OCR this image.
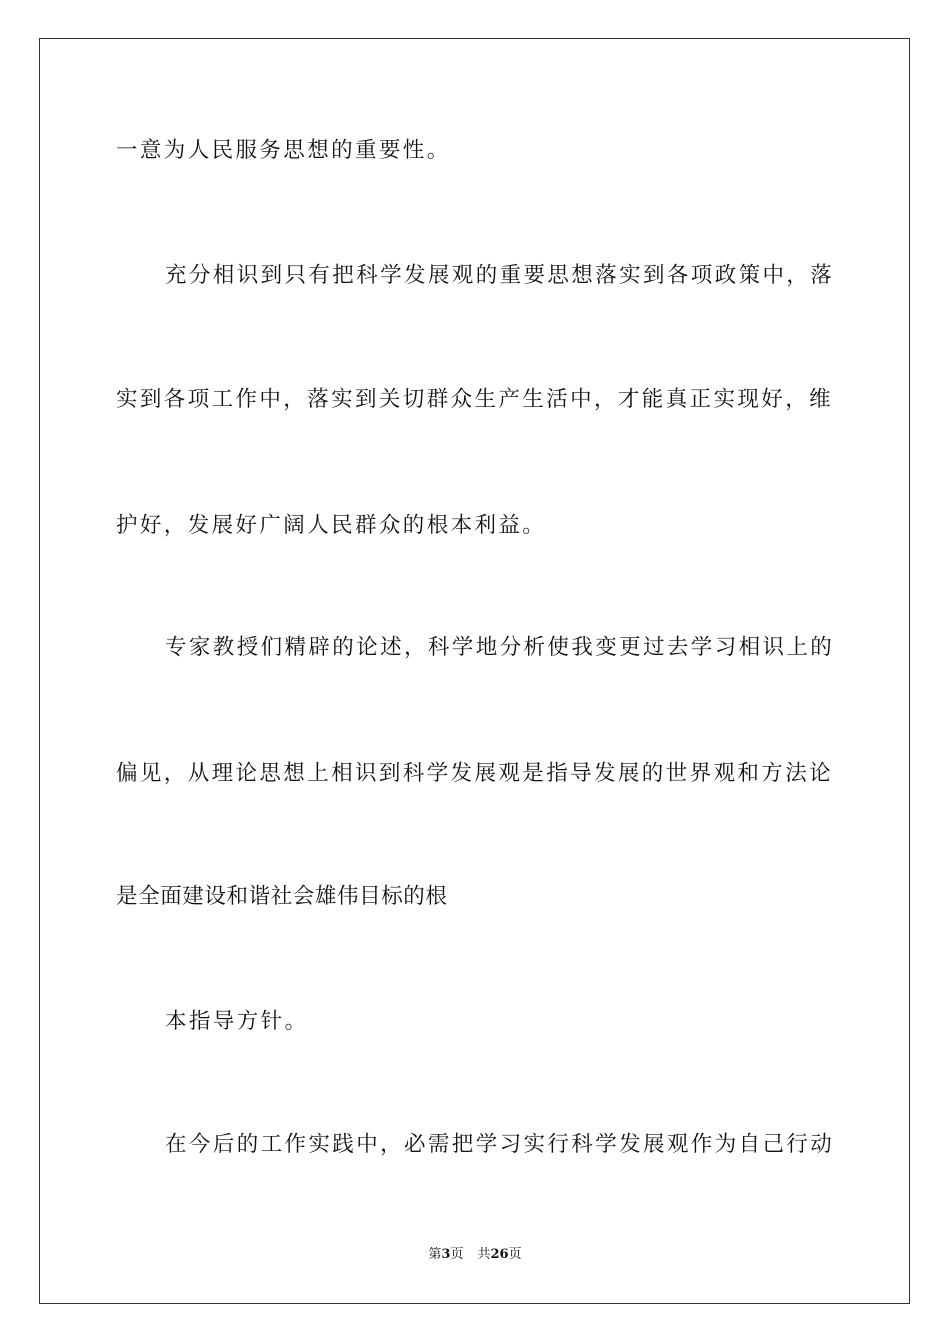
一意为人民服务思想的重要性。
充分相识到只有把科学发展观的重要思想落实到各项政策中，落
实到各项工作中，落实到关切群众生产生活中，才能真正实现好，维
护好，发展好广阔人民群众的根本利益。
专家教授们精辟的论述，科学地分析使我变更过去学习相识上的
偏见，从理论思想上相识到科学发展观是指导发展的世界观和方法论
是全面建设和谐社会雄伟目标的根
本指导方针。
在今后的工作实践中，必需把学习实行科学发展观作为自己行动
第3页 共26页
